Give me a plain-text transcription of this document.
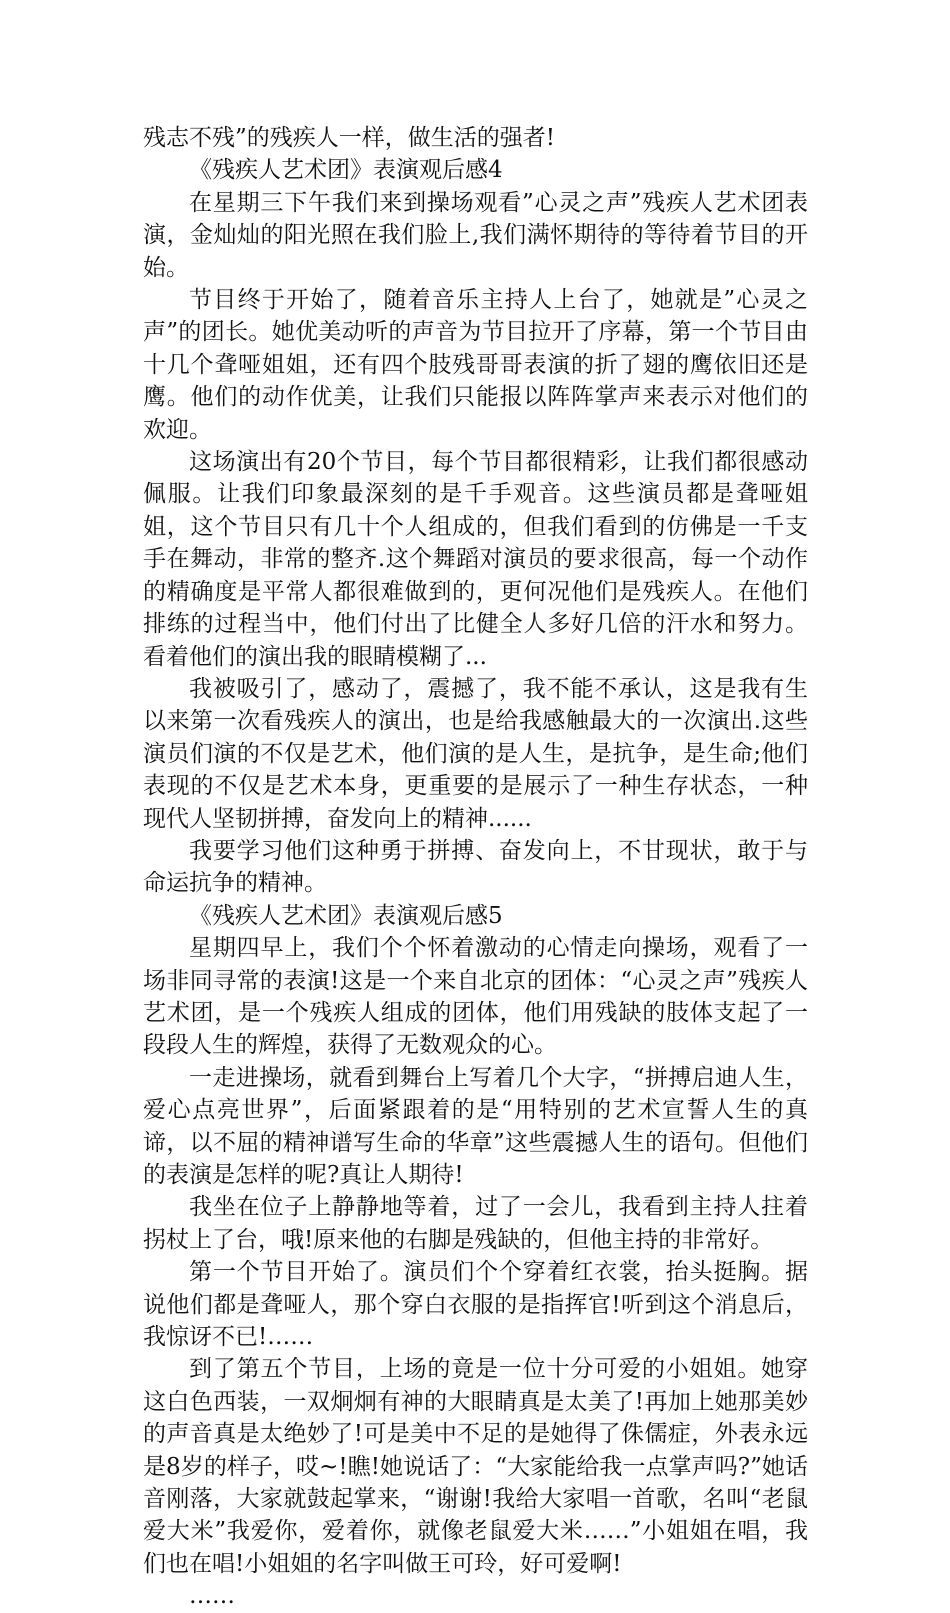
残志不残”的残疾人一样，做生活的强者!

《残疾人艺术团》表演观后感4

在星期三下午我们来到操场观看”心灵之声”残疾人艺术团表演，金灿灿的阳光照在我们脸上,我们满怀期待的等待着节目的开始。

节目终于开始了，随着音乐主持人上台了，她就是”心灵之声”的团长。她优美动听的声音为节目拉开了序幕，第一个节目由十几个聋哑姐姐，还有四个肢残哥哥表演的折了翅的鹰依旧还是鹰。他们的动作优美，让我们只能报以阵阵掌声来表示对他们的欢迎。

这场演出有20个节目，每个节目都很精彩，让我们都很感动佩服。让我们印象最深刻的是千手观音。这些演员都是聋哑姐姐，这个节目只有几十个人组成的，但我们看到的仿佛是一千支手在舞动，非常的整齐.这个舞蹈对演员的要求很高，每一个动作的精确度是平常人都很难做到的，更何况他们是残疾人。在他们排练的过程当中，他们付出了比健全人多好几倍的汗水和努力。看着他们的演出我的眼睛模糊了...

我被吸引了，感动了，震撼了，我不能不承认，这是我有生以来第一次看残疾人的演出，也是给我感触最大的一次演出.这些演员们演的不仅是艺术，他们演的是人生，是抗争，是生命;他们表现的不仅是艺术本身，更重要的是展示了一种生存状态，一种现代人坚韧拼搏，奋发向上的精神......

我要学习他们这种勇于拼搏、奋发向上，不甘现状，敢于与命运抗争的精神。

《残疾人艺术团》表演观后感5

星期四早上，我们个个怀着激动的心情走向操场，观看了一场非同寻常的表演!这是一个来自北京的团体：“心灵之声”残疾人艺术团，是一个残疾人组成的团体，他们用残缺的肢体支起了一段段人生的辉煌，获得了无数观众的心。

一走进操场，就看到舞台上写着几个大字，“拼搏启迪人生，爱心点亮世界”，后面紧跟着的是“用特别的艺术宣誓人生的真谛，以不屈的精神谱写生命的华章”这些震撼人生的语句。但他们的表演是怎样的呢?真让人期待!

我坐在位子上静静地等着，过了一会儿，我看到主持人拄着拐杖上了台，哦!原来他的右脚是残缺的，但他主持的非常好。

第一个节目开始了。演员们个个穿着红衣裳，抬头挺胸。据说他们都是聋哑人，那个穿白衣服的是指挥官!听到这个消息后，我惊讶不已!……

到了第五个节目，上场的竟是一位十分可爱的小姐姐。她穿这白色西装，一双炯炯有神的大眼睛真是太美了!再加上她那美妙的声音真是太绝妙了!可是美中不足的是她得了侏儒症，外表永远是8岁的样子，哎~!瞧!她说话了：“大家能给我一点掌声吗?”她话音刚落，大家就鼓起掌来，“谢谢!我给大家唱一首歌，名叫“老鼠爱大米”我爱你，爱着你，就像老鼠爱大米……”小姐姐在唱，我们也在唱!小姐姐的名字叫做王可玲，好可爱啊!

……
